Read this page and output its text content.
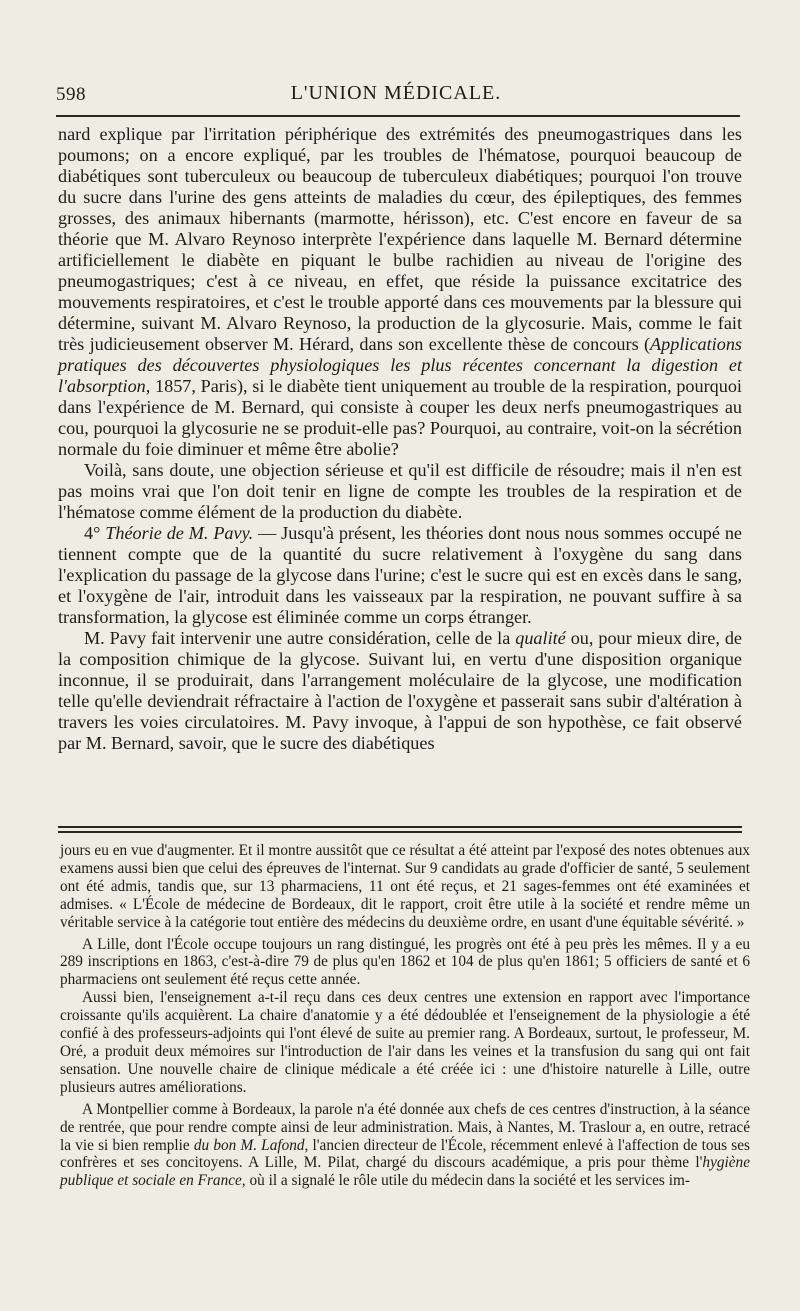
598	L'UNION MÉDICALE.

nard explique par l'irritation périphérique des extrémités des pneumogastriques dans les poumons; on a encore expliqué, par les troubles de l'hématose, pourquoi beaucoup de diabétiques sont tuberculeux ou beaucoup de tuberculeux diabétiques; pourquoi l'on trouve du sucre dans l'urine des gens atteints de maladies du cœur, des épileptiques, des femmes grosses, des animaux hibernants (marmotte, hérisson), etc. C'est encore en faveur de sa théorie que M. Alvaro Reynoso interprète l'expérience dans laquelle M. Bernard détermine artificiellement le diabète en piquant le bulbe rachidien au niveau de l'origine des pneumogastriques; c'est à ce niveau, en effet, que réside la puissance excitatrice des mouvements respiratoires, et c'est le trouble apporté dans ces mouvements par la blessure qui détermine, suivant M. Alvaro Reynoso, la production de la glycosurie. Mais, comme le fait très judicieusement observer M. Hérard, dans son excellente thèse de concours (Applications pratiques des découvertes physiologiques les plus récentes concernant la digestion et l'absorption, 1857, Paris), si le diabète tient uniquement au trouble de la respiration, pourquoi dans l'expérience de M. Bernard, qui consiste à couper les deux nerfs pneumogastriques au cou, pourquoi la glycosurie ne se produit-elle pas? Pourquoi, au contraire, voit-on la sécrétion normale du foie diminuer et même être abolie?

Voilà, sans doute, une objection sérieuse et qu'il est difficile de résoudre; mais il n'en est pas moins vrai que l'on doit tenir en ligne de compte les troubles de la respiration et de l'hématose comme élément de la production du diabète.

4° Théorie de M. Pavy. — Jusqu'à présent, les théories dont nous nous sommes occupé ne tiennent compte que de la quantité du sucre relativement à l'oxygène du sang dans l'explication du passage de la glycose dans l'urine; c'est le sucre qui est en excès dans le sang, et l'oxygène de l'air, introduit dans les vaisseaux par la respiration, ne pouvant suffire à sa transformation, la glycose est éliminée comme un corps étranger.

M. Pavy fait intervenir une autre considération, celle de la qualité ou, pour mieux dire, de la composition chimique de la glycose. Suivant lui, en vertu d'une disposition organique inconnue, il se produirait, dans l'arrangement moléculaire de la glycose, une modification telle qu'elle deviendrait réfractaire à l'action de l'oxygène et passerait sans subir d'altération à travers les voies circulatoires. M. Pavy invoque, à l'appui de son hypothèse, ce fait observé par M. Bernard, savoir, que le sucre des diabétiques

jours eu en vue d'augmenter. Et il montre aussitôt que ce résultat a été atteint par l'exposé des notes obtenues aux examens aussi bien que celui des épreuves de l'internat. Sur 9 candidats au grade d'officier de santé, 5 seulement ont été admis, tandis que, sur 13 pharmaciens, 11 ont été reçus, et 21 sages-femmes ont été examinées et admises. « L'École de médecine de Bordeaux, dit le rapport, croit être utile à la société et rendre même un véritable service à la catégorie tout entière des médecins du deuxième ordre, en usant d'une équitable sévérité. »

A Lille, dont l'École occupe toujours un rang distingué, les progrès ont été à peu près les mêmes. Il y a eu 289 inscriptions en 1863, c'est-à-dire 79 de plus qu'en 1862 et 104 de plus qu'en 1861; 5 officiers de santé et 6 pharmaciens ont seulement été reçus cette année.

Aussi bien, l'enseignement a-t-il reçu dans ces deux centres une extension en rapport avec l'importance croissante qu'ils acquièrent. La chaire d'anatomie y a été dédoublée et l'enseignement de la physiologie a été confié à des professeurs-adjoints qui l'ont élevé de suite au premier rang. A Bordeaux, surtout, le professeur, M. Oré, a produit deux mémoires sur l'introduction de l'air dans les veines et la transfusion du sang qui ont fait sensation. Une nouvelle chaire de clinique médicale a été créée ici : une d'histoire naturelle à Lille, outre plusieurs autres améliorations.

A Montpellier comme à Bordeaux, la parole n'a été donnée aux chefs de ces centres d'instruction, à la séance de rentrée, que pour rendre compte ainsi de leur administration. Mais, à Nantes, M. Traslour a, en outre, retracé la vie si bien remplie du bon M. Lafond, l'ancien directeur de l'École, récemment enlevé à l'affection de tous ses confrères et ses concitoyens. A Lille, M. Pilat, chargé du discours académique, a pris pour thème l'hygiène publique et sociale en France, où il a signalé le rôle utile du médecin dans la société et les services im-
